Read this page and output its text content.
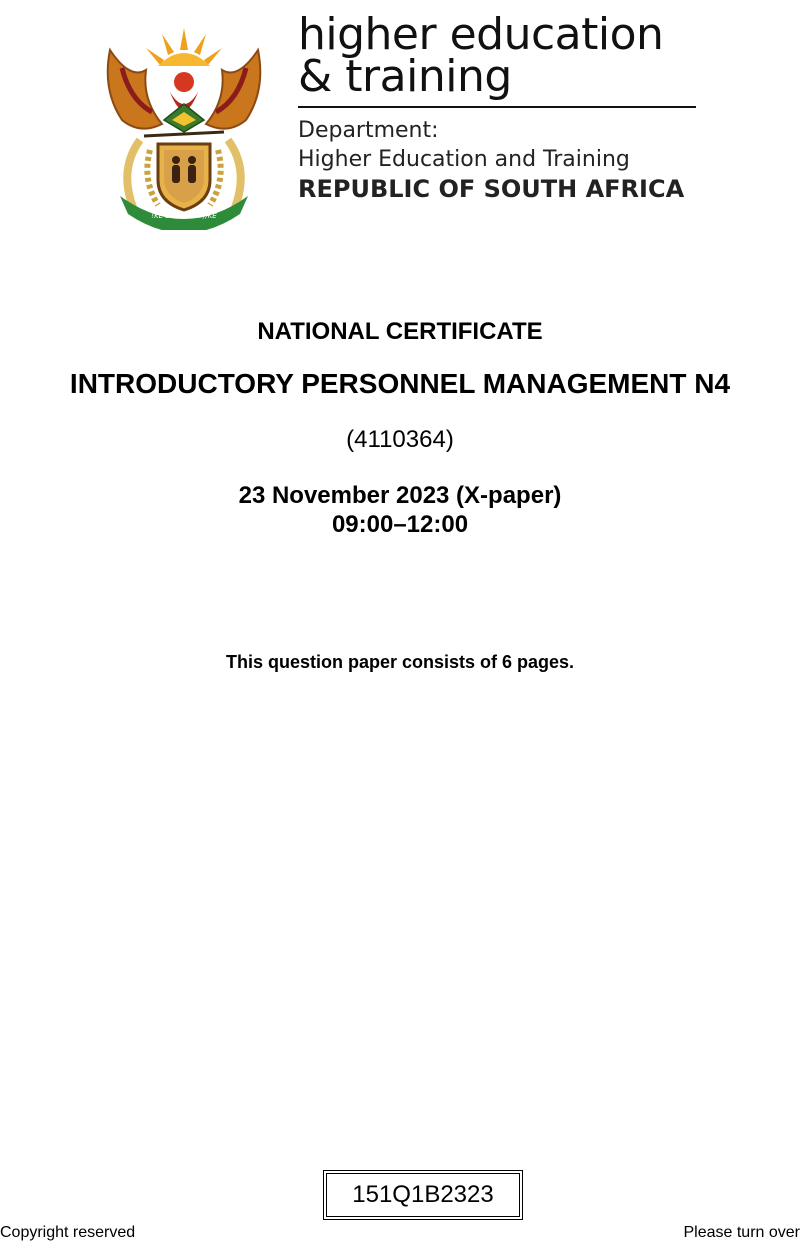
!KE E: /XARRA //KE
higher education
& training
Department:
Higher Education and Training
REPUBLIC OF SOUTH AFRICA
NATIONAL CERTIFICATE
INTRODUCTORY PERSONNEL MANAGEMENT N4
(4110364)
23 November 2023 (X-paper)
09:00–12:00
This question paper consists of 6 pages.
151Q1B2323
Copyright reserved	Please turn over
